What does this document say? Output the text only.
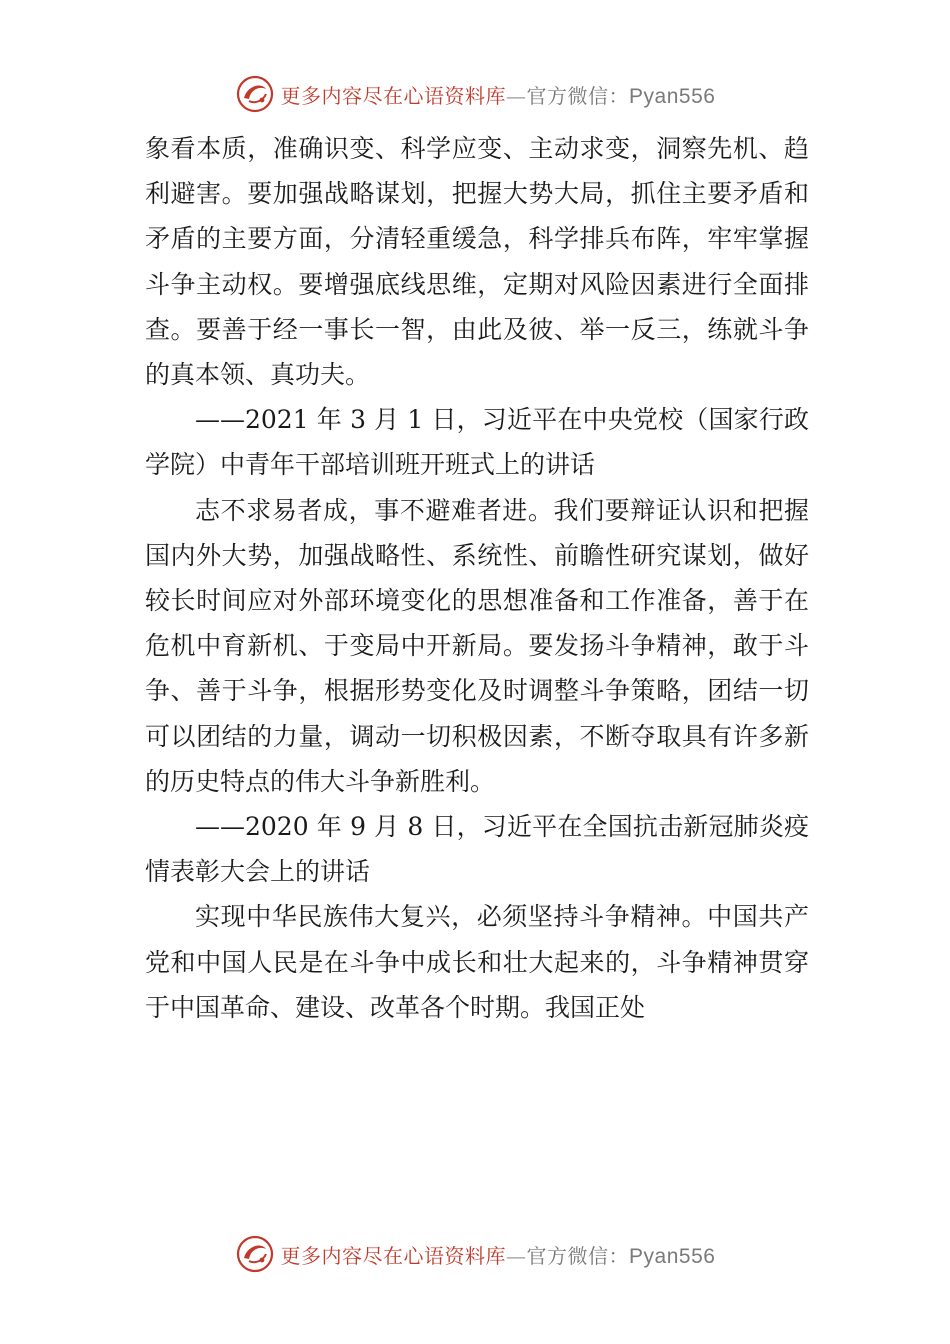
更多内容尽在心语资料库—官方微信：Pyan556

象看本质，准确识变、科学应变、主动求变，洞察先机、趋利避害。要加强战略谋划，把握大势大局，抓住主要矛盾和矛盾的主要方面，分清轻重缓急，科学排兵布阵，牢牢掌握斗争主动权。要增强底线思维，定期对风险因素进行全面排查。要善于经一事长一智，由此及彼、举一反三，练就斗争的真本领、真功夫。

——2021 年 3 月 1 日，习近平在中央党校（国家行政学院）中青年干部培训班开班式上的讲话

志不求易者成，事不避难者进。我们要辩证认识和把握国内外大势，加强战略性、系统性、前瞻性研究谋划，做好较长时间应对外部环境变化的思想准备和工作准备，善于在危机中育新机、于变局中开新局。要发扬斗争精神，敢于斗争、善于斗争，根据形势变化及时调整斗争策略，团结一切可以团结的力量，调动一切积极因素，不断夺取具有许多新的历史特点的伟大斗争新胜利。

——2020 年 9 月 8 日，习近平在全国抗击新冠肺炎疫情表彰大会上的讲话

实现中华民族伟大复兴，必须坚持斗争精神。中国共产党和中国人民是在斗争中成长和壮大起来的，斗争精神贯穿于中国革命、建设、改革各个时期。我国正处

更多内容尽在心语资料库—官方微信：Pyan556
